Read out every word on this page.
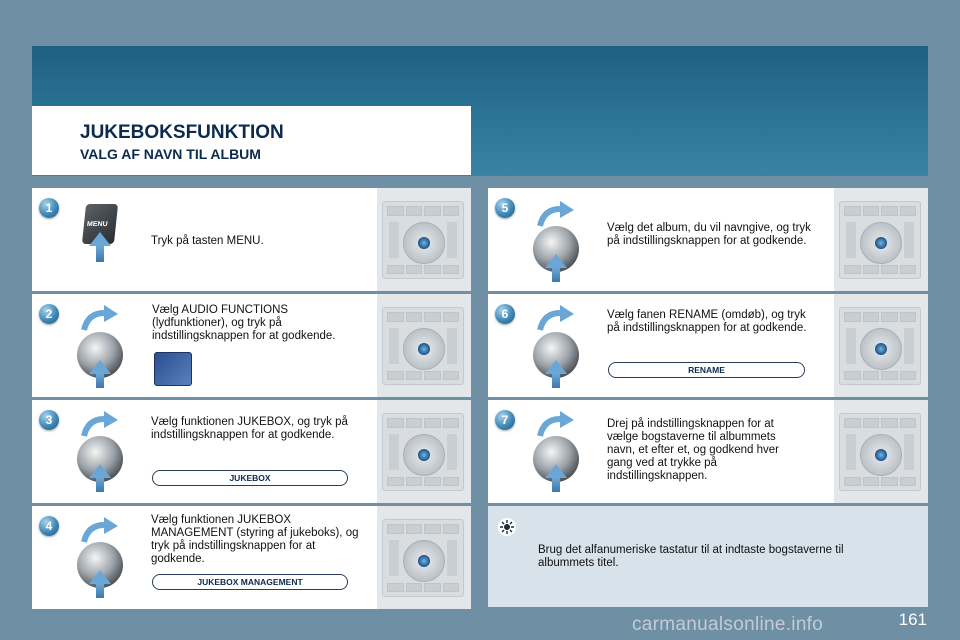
JUKEBOKSFUNKTION
VALG AF NAVN TIL ALBUM
1
MENU
Tryk på tasten MENU.
2	Vælg AUDIO FUNCTIONS (lydfunktioner), og tryk på indstillingsknappen for at godkende.
3	Vælg funktionen JUKEBOX, og tryk på indstillingsknappen for at godkende.
JUKEBOX
4	Vælg funktionen JUKEBOX MANAGEMENT (styring af jukeboks), og tryk på indstillingsknappen for at godkende.
JUKEBOX MANAGEMENT
5
Vælg det album, du vil navngive, og tryk på indstillingsknappen for at godkende.
6	Vælg fanen RENAME (omdøb), og tryk på indstillingsknappen for at godkende.
RENAME
7	Drej på indstillingsknappen for at vælge bogstaverne til albummets navn, et efter et, og godkend hver gang ved at trykke på indstillingsknappen.
Brug det alfanumeriske tastatur til at indtaste bogstaverne til albummets titel.
161
carmanualsonline.info
